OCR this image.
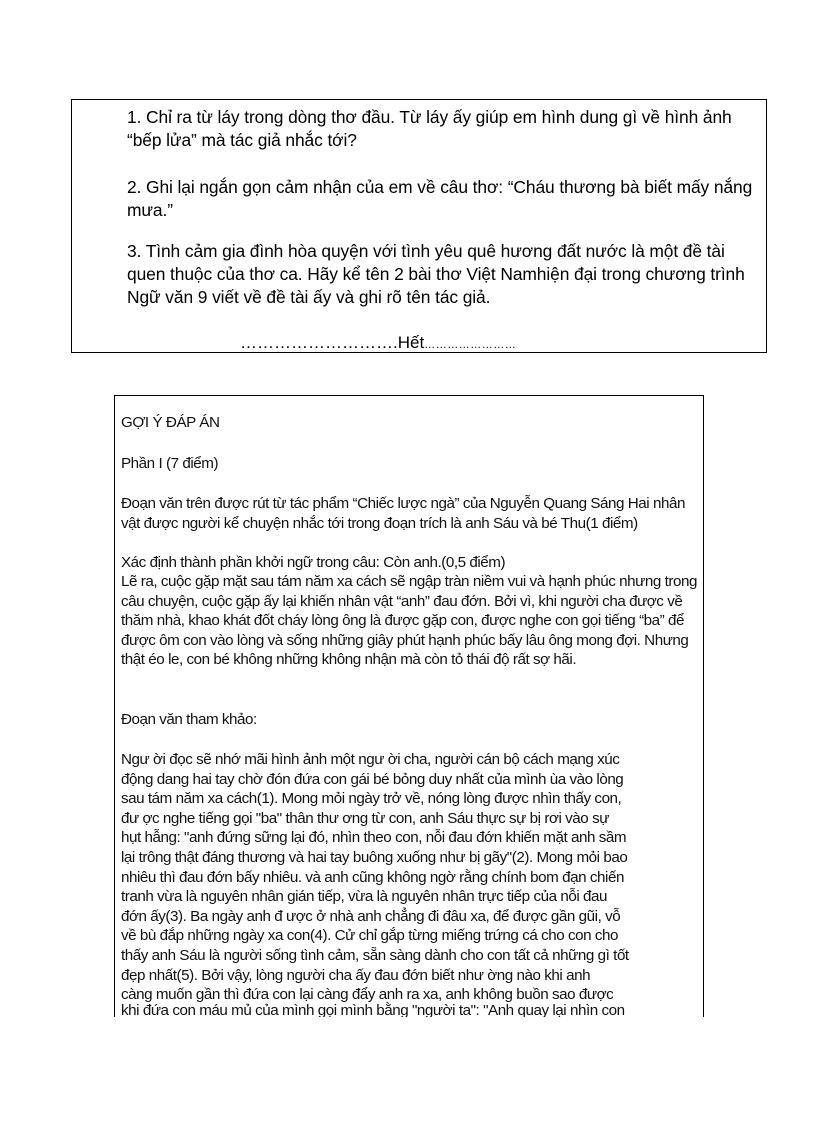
1. Chỉ ra từ láy trong dòng thơ đầu. Từ láy ấy giúp em hình dung gì về hình ảnh “bếp lửa” mà tác giả nhắc tới?
2. Ghi lại ngắn gọn cảm nhận của em về câu thơ: “Cháu thương bà biết mấy nắng mưa.”
3. Tình cảm gia đình hòa quyện với tình yêu quê hương đất nước là một đề tài quen thuộc của thơ ca. Hãy kể tên 2 bài thơ Việt Namhiện đại trong chương trình Ngữ văn 9 viết về đề tài ấy và ghi rõ tên tác giả.
……………………….Hết……………………
GỢI Ý ĐÁP ÁN
Phần I (7 điểm)
Đoạn văn trên được rút từ tác phẩm “Chiếc lược ngà” của Nguyễn Quang Sáng Hai nhân vật được người kể chuyện nhắc tới trong đoạn trích là anh Sáu và bé Thu(1 điểm)
Xác định thành phần khởi ngữ trong câu: Còn anh.(0,5 điểm)
Lẽ ra, cuộc gặp mặt sau tám năm xa cách sẽ ngập tràn niềm vui và hạnh phúc nhưng trong câu chuyện, cuộc gặp ấy lại khiến nhân vật “anh” đau đớn. Bởi vì, khi người cha được về thăm nhà, khao khát đốt cháy lòng ông là được gặp con, được nghe con gọi tiếng “ba” để được ôm con vào lòng và sống những giây phút hạnh phúc bấy lâu ông mong đợi. Nhưng thật éo le, con bé không những không nhận mà còn tỏ thái độ rất sợ hãi.
Đoạn văn tham khảo:
Ngư ời đọc sẽ nhớ mãi hình ảnh một ngư ời cha, người cán bộ cách mạng xúc
động dang hai tay chờ đón đứa con gái bé bỏng duy nhất của mình ùa vào lòng
sau tám năm xa cách(1). Mong mỏi ngày trở về, nóng lòng được nhìn thấy con,
đư ợc nghe tiếng gọi "ba" thân thư ơng từ con, anh Sáu thực sự bị rơi vào sự
hụt hẫng: "anh đứng sững lại đó, nhìn theo con, nỗi đau đớn khiến mặt anh sầm
lại trông thật đáng thương và hai tay buông xuống như bị gãy"(2). Mong mỏi bao
nhiêu thì đau đớn bấy nhiêu. và anh cũng không ngờ rằng chính bom đạn chiến
tranh vừa là nguyên nhân gián tiếp, vừa là nguyên nhân trực tiếp của nỗi đau
đớn ấy(3). Ba ngày anh đ ược ở nhà anh chẳng đi đâu xa, để được gần gũi, vỗ
về bù đắp những ngày xa con(4). Cử chỉ gắp từng miếng trứng cá cho con cho
thấy anh Sáu là người sống tình cảm, sẵn sàng dành cho con tất cả những gì tốt
đẹp nhất(5). Bởi vậy, lòng người cha ấy đau đớn biết như ờng nào khi anh
càng muốn gần thì đứa con lại càng đẩy anh ra xa, anh không buồn sao được
khi đứa con máu mủ của mình gọi mình bằng "người ta": "Anh quay lại nhìn con
